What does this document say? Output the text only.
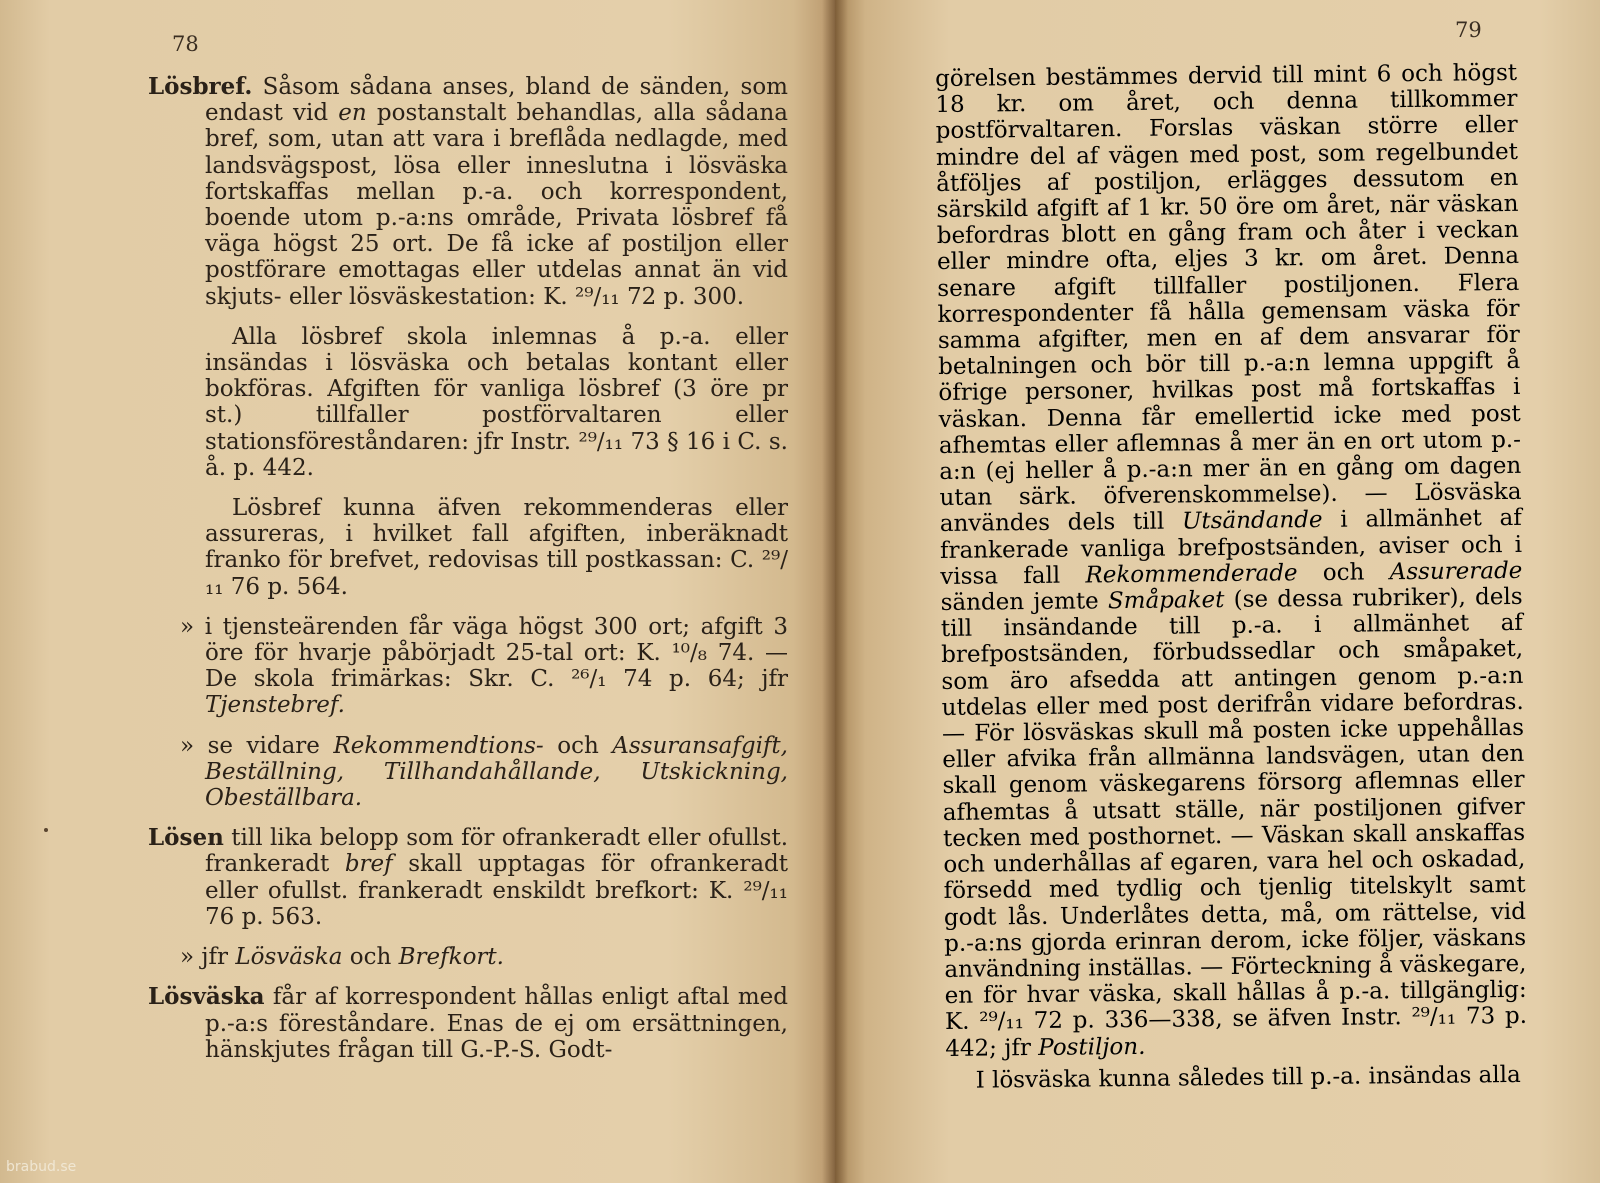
78

Lösbref. Såsom sådana anses, bland de sänden, som endast vid en postanstalt behandlas, alla sådana bref, som, utan att vara i breflåda nedlagde, med landsvägspost, lösa eller inneslutna i lösväska fortskaffas mellan p.-a. och korrespondent, boende utom p.-a:ns område, Privata lösbref få väga högst 25 ort. De få icke af postiljon eller postförare emottagas eller utdelas annat än vid skjuts- eller lösväskestation: K. ²⁹/₁₁ 72 p. 300.

Alla lösbref skola inlemnas å p.-a. eller insändas i lösväska och betalas kontant eller bokföras. Afgiften för vanliga lösbref (3 öre pr st.) tillfaller postförvaltaren eller stationsföreståndaren: jfr Instr. ²⁹/₁₁ 73 § 16 i C. s. å. p. 442.

Lösbref kunna äfven rekommenderas eller assureras, i hvilket fall afgiften, inberäknadt franko för brefvet, redovisas till postkassan: C. ²⁹/₁₁ 76 p. 564.

» i tjensteärenden får väga högst 300 ort; afgift 3 öre för hvarje påbörjadt 25-tal ort: K. ¹⁰/₈ 74. — De skola frimärkas: Skr. C. ²⁶/₁ 74 p. 64; jfr Tjenstebref.

» se vidare Rekommendtions- och Assuransafgift, Beställning, Tillhandahållande, Utskickning, Obeställbara.

Lösen till lika belopp som för ofrankeradt eller ofullst. frankeradt bref skall upptagas för ofrankeradt eller ofullst. frankeradt enskildt brefkort: K. ²⁹/₁₁ 76 p. 563.

» jfr Lösväska och Brefkort.

Lösväska får af korrespondent hållas enligt aftal med p.-a:s föreståndare. Enas de ej om ersättningen, hänskjutes frågan till G.-P.-S. Godt-

79

görelsen bestämmes dervid till mint 6 och högst 18 kr. om året, och denna tillkommer postförvaltaren. Forslas väskan större eller mindre del af vägen med post, som regelbundet åtföljes af postiljon, erlägges dessutom en särskild afgift af 1 kr. 50 öre om året, när väskan befordras blott en gång fram och åter i veckan eller mindre ofta, eljes 3 kr. om året. Denna senare afgift tillfaller postiljonen. Flera korrespondenter få hålla gemensam väska för samma afgifter, men en af dem ansvarar för betalningen och bör till p.-a:n lemna uppgift å öfrige personer, hvilkas post må fortskaffas i väskan. Denna får emellertid icke med post afhemtas eller aflemnas å mer än en ort utom p.-a:n (ej heller å p.-a:n mer än en gång om dagen utan särk. öfverenskommelse). — Lösväska användes dels till Utsändande i allmänhet af frankerade vanliga brefpostsänden, aviser och i vissa fall Rekommenderade och Assurerade sänden jemte Småpaket (se dessa rubriker), dels till insändande till p.-a. i allmänhet af brefpostsänden, förbudssedlar och småpaket, som äro afsedda att antingen genom p.-a:n utdelas eller med post derifrån vidare befordras. — För lösväskas skull må posten icke uppehållas eller afvika från allmänna landsvägen, utan den skall genom väskegarens försorg aflemnas eller afhemtas å utsatt ställe, när postiljonen gifver tecken med posthornet. — Väskan skall anskaffas och underhållas af egaren, vara hel och oskadad, försedd med tydlig och tjenlig titelskylt samt godt lås. Underlåtes detta, må, om rättelse, vid p.-a:ns gjorda erinran derom, icke följer, väskans användning inställas. — Förteckning å väskegare, en för hvar väska, skall hållas å p.-a. tillgänglig: K. ²⁹/₁₁ 72 p. 336—338, se äfven Instr. ²⁹/₁₁ 73 p. 442; jfr Postiljon.

I lösväska kunna således till p.-a. insändas alla

brabud.se
